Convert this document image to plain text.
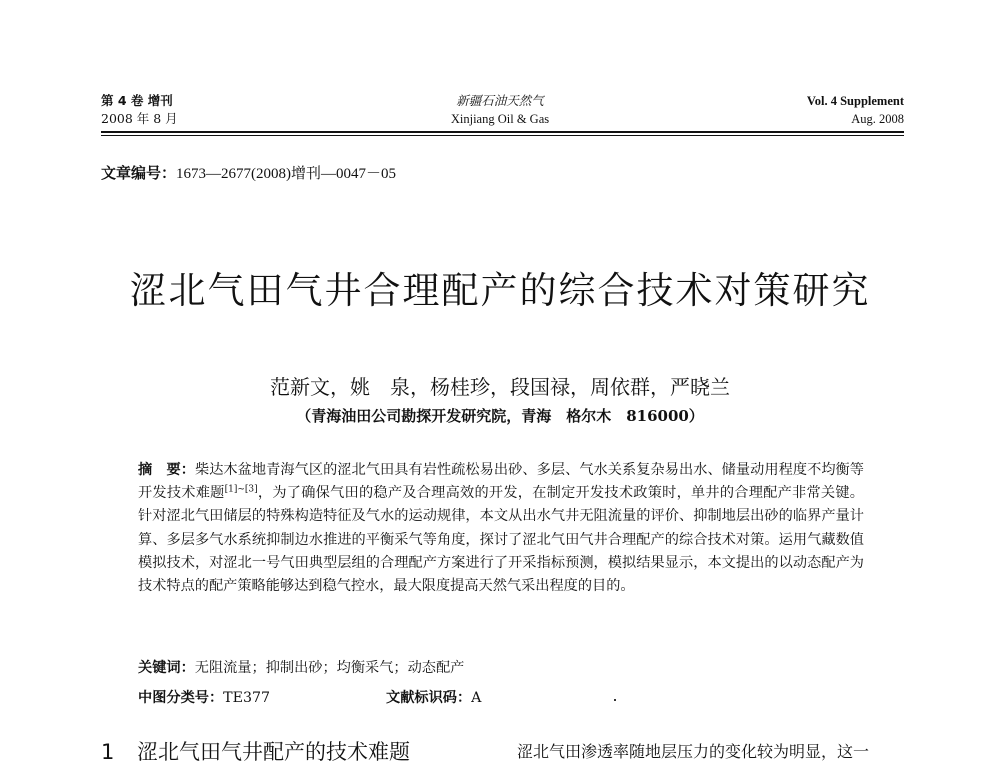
第 4 卷 增刊
2008 年 8 月
新疆石油天然气
Xinjiang Oil & Gas
Vol. 4 Supplement
Aug. 2008
文章编号：1673—2677(2008)增刊—0047－05
涩北气田气井合理配产的综合技术对策研究
范新文，姚　泉，杨桂珍，段国禄，周依群，严晓兰
（青海油田公司勘探开发研究院，青海　格尔木　816000）
摘　要：柴达木盆地青海气区的涩北气田具有岩性疏松易出砂、多层、气水关系复杂易出水、储量动用程度不均衡等开发技术难题[1]~[3]，为了确保气田的稳产及合理高效的开发，在制定开发技术政策时，单井的合理配产非常关键。针对涩北气田储层的特殊构造特征及气水的运动规律，本文从出水气井无阻流量的评价、抑制地层出砂的临界产量计算、多层多气水系统抑制边水推进的平衡采气等角度，探讨了涩北气田气井合理配产的综合技术对策。运用气藏数值模拟技术，对涩北一号气田典型层组的合理配产方案进行了开采指标预测，模拟结果显示，本文提出的以动态配产为技术特点的配产策略能够达到稳气控水，最大限度提高天然气采出程度的目的。
关键词：无阻流量；抑制出砂；均衡采气；动态配产
中图分类号：TE377	文献标识码：A
1 涩北气田气井配产的技术难题	涩北气田渗透率随地层压力的变化较为明显，这一
